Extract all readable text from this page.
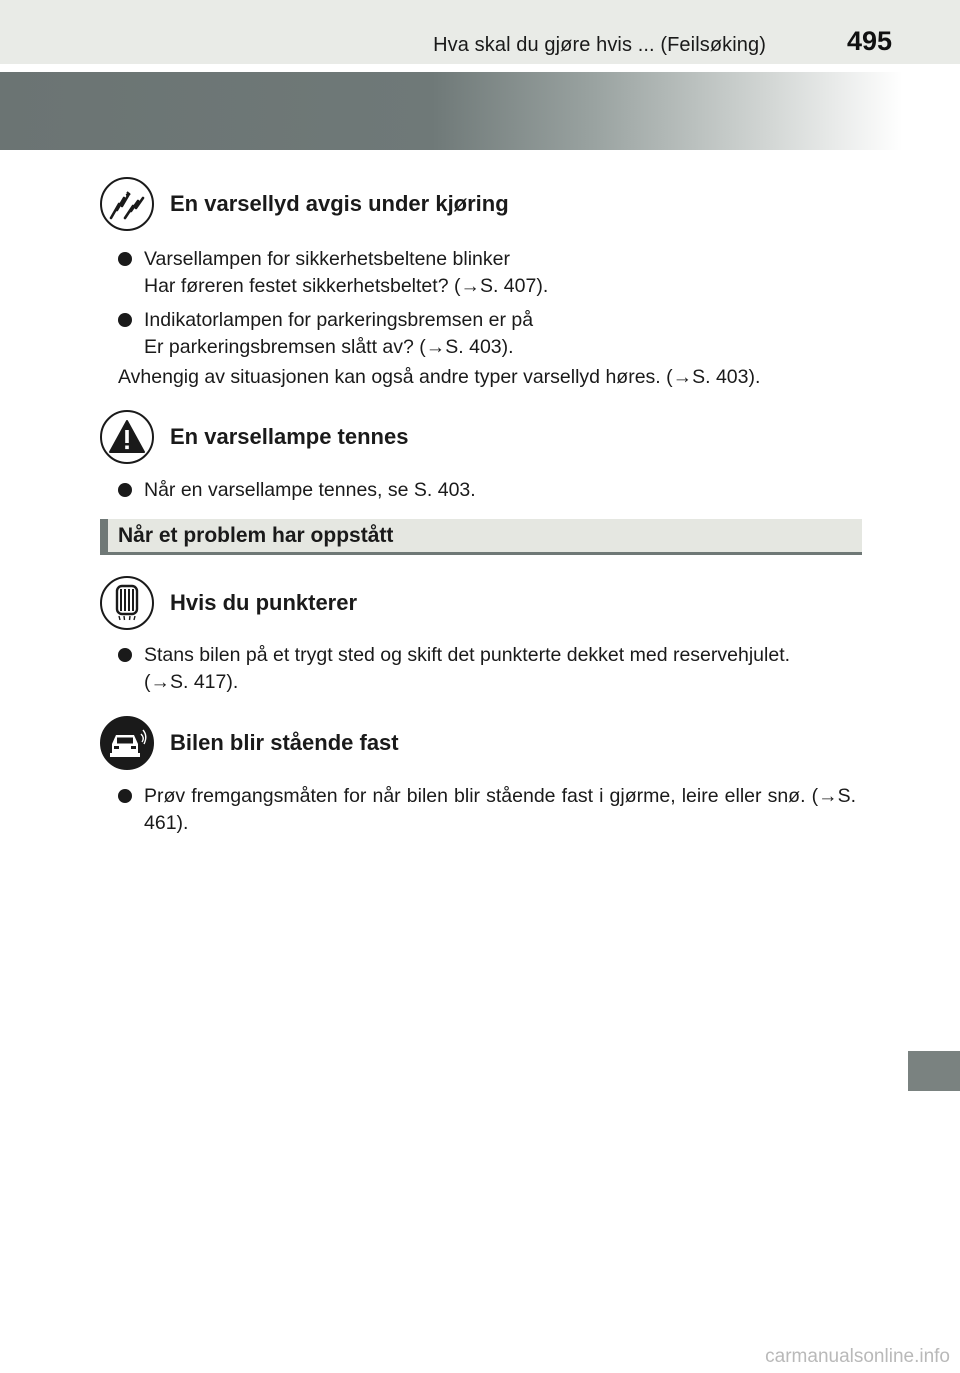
Hva skal du gjøre hvis ... (Feilsøking)	495
En varsellyd avgis under kjøring
Varsellampen for sikkerhetsbeltene blinker
Har føreren festet sikkerhetsbeltet? (→S. 407).
Indikatorlampen for parkeringsbremsen er på
Er parkeringsbremsen slått av? (→S. 403).
Avhengig av situasjonen kan også andre typer varsellyd høres. (→S. 403).
En varsellampe tennes
Når en varsellampe tennes, se S. 403.
Når et problem har oppstått
Hvis du punkterer
Stans bilen på et trygt sted og skift det punkterte dekket med reservehjulet.
(→S. 417).
Bilen blir stående fast
Prøv fremgangsmåten for når bilen blir stående fast i gjørme, leire eller snø. (→S. 461).
carmanualsonline.info
